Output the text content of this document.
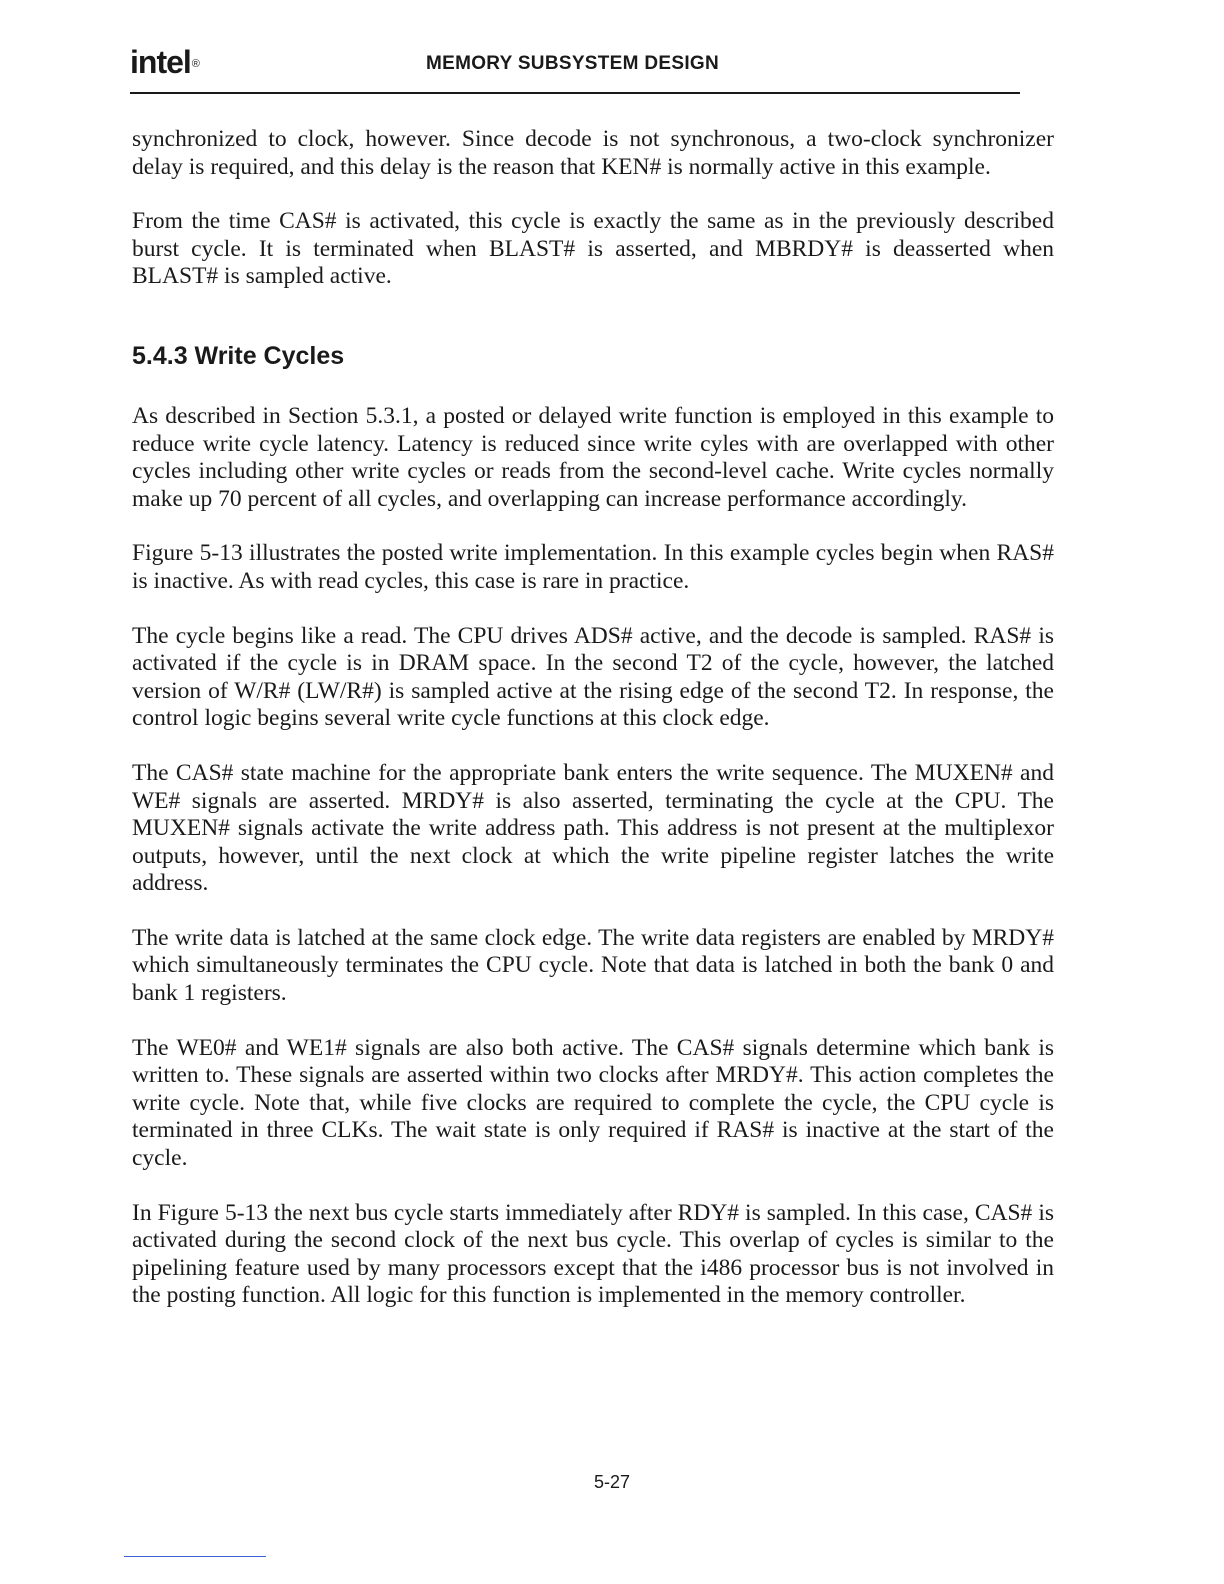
intel®	MEMORY SUBSYSTEM DESIGN

synchronized to clock, however. Since decode is not synchronous, a two-clock synchronizer delay is required, and this delay is the reason that KEN# is normally active in this example.

From the time CAS# is activated, this cycle is exactly the same as in the previously described burst cycle. It is terminated when BLAST# is asserted, and MBRDY# is deasserted when BLAST# is sampled active.

5.4.3 Write Cycles

As described in Section 5.3.1, a posted or delayed write function is employed in this example to reduce write cycle latency. Latency is reduced since write cyles with are overlapped with other cycles including other write cycles or reads from the second-level cache. Write cycles normally make up 70 percent of all cycles, and overlapping can increase performance accordingly.

Figure 5-13 illustrates the posted write implementation. In this example cycles begin when RAS# is inactive. As with read cycles, this case is rare in practice.

The cycle begins like a read. The CPU drives ADS# active, and the decode is sampled. RAS# is activated if the cycle is in DRAM space. In the second T2 of the cycle, however, the latched version of W/R# (LW/R#) is sampled active at the rising edge of the second T2. In response, the control logic begins several write cycle functions at this clock edge.

The CAS# state machine for the appropriate bank enters the write sequence. The MUXEN# and WE# signals are asserted. MRDY# is also asserted, terminating the cycle at the CPU. The MUXEN# signals activate the write address path. This address is not present at the multiplexor outputs, however, until the next clock at which the write pipeline register latches the write address.

The write data is latched at the same clock edge. The write data registers are enabled by MRDY# which simultaneously terminates the CPU cycle. Note that data is latched in both the bank 0 and bank 1 registers.

The WE0# and WE1# signals are also both active. The CAS# signals determine which bank is written to. These signals are asserted within two clocks after MRDY#. This action completes the write cycle. Note that, while five clocks are required to complete the cycle, the CPU cycle is terminated in three CLKs. The wait state is only required if RAS# is inactive at the start of the cycle.

In Figure 5-13 the next bus cycle starts immediately after RDY# is sampled. In this case, CAS# is activated during the second clock of the next bus cycle. This overlap of cycles is similar to the pipelining feature used by many processors except that the i486 processor bus is not involved in the posting function. All logic for this function is implemented in the memory controller.

5-27
